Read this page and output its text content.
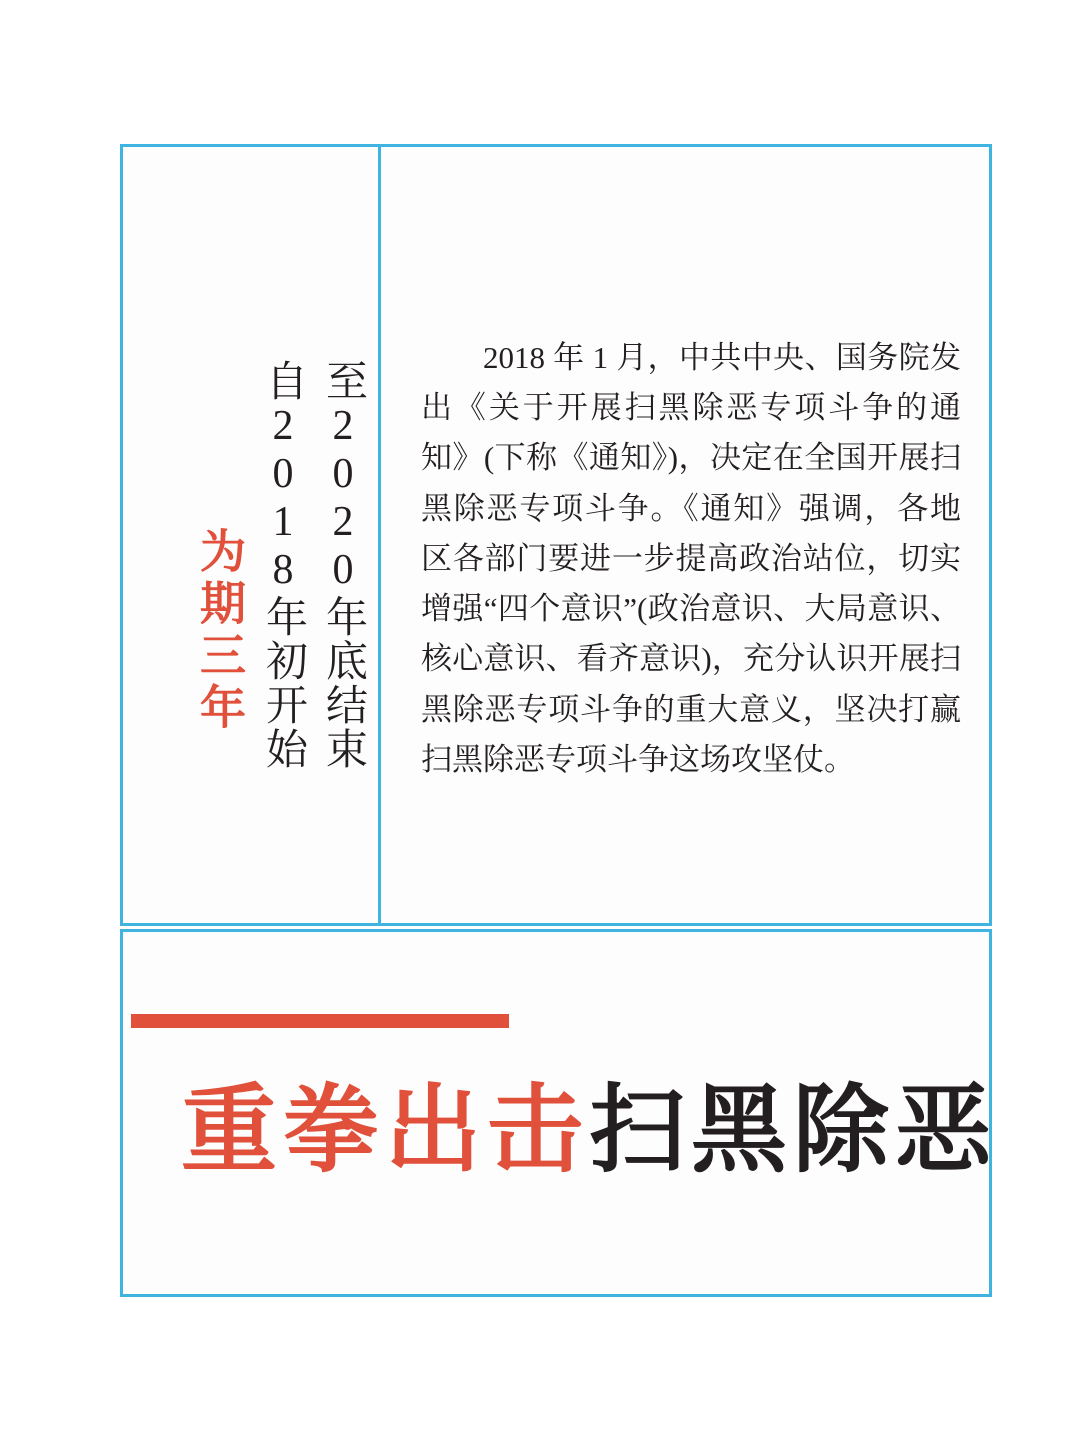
至2020年底结束
自2018年初开始
为期三年

2018 年 1 月，中共中央、国务院发出《关于开展扫黑除恶专项斗争的通知》(下称《通知》)，决定在全国开展扫黑除恶专项斗争。《通知》强调，各地区各部门要进一步提高政治站位，切实增强“四个意识”(政治意识、大局意识、核心意识、看齐意识)，充分认识开展扫黑除恶专项斗争的重大意义，坚决打赢扫黑除恶专项斗争这场攻坚仗。

重拳出击扫黑除恶
